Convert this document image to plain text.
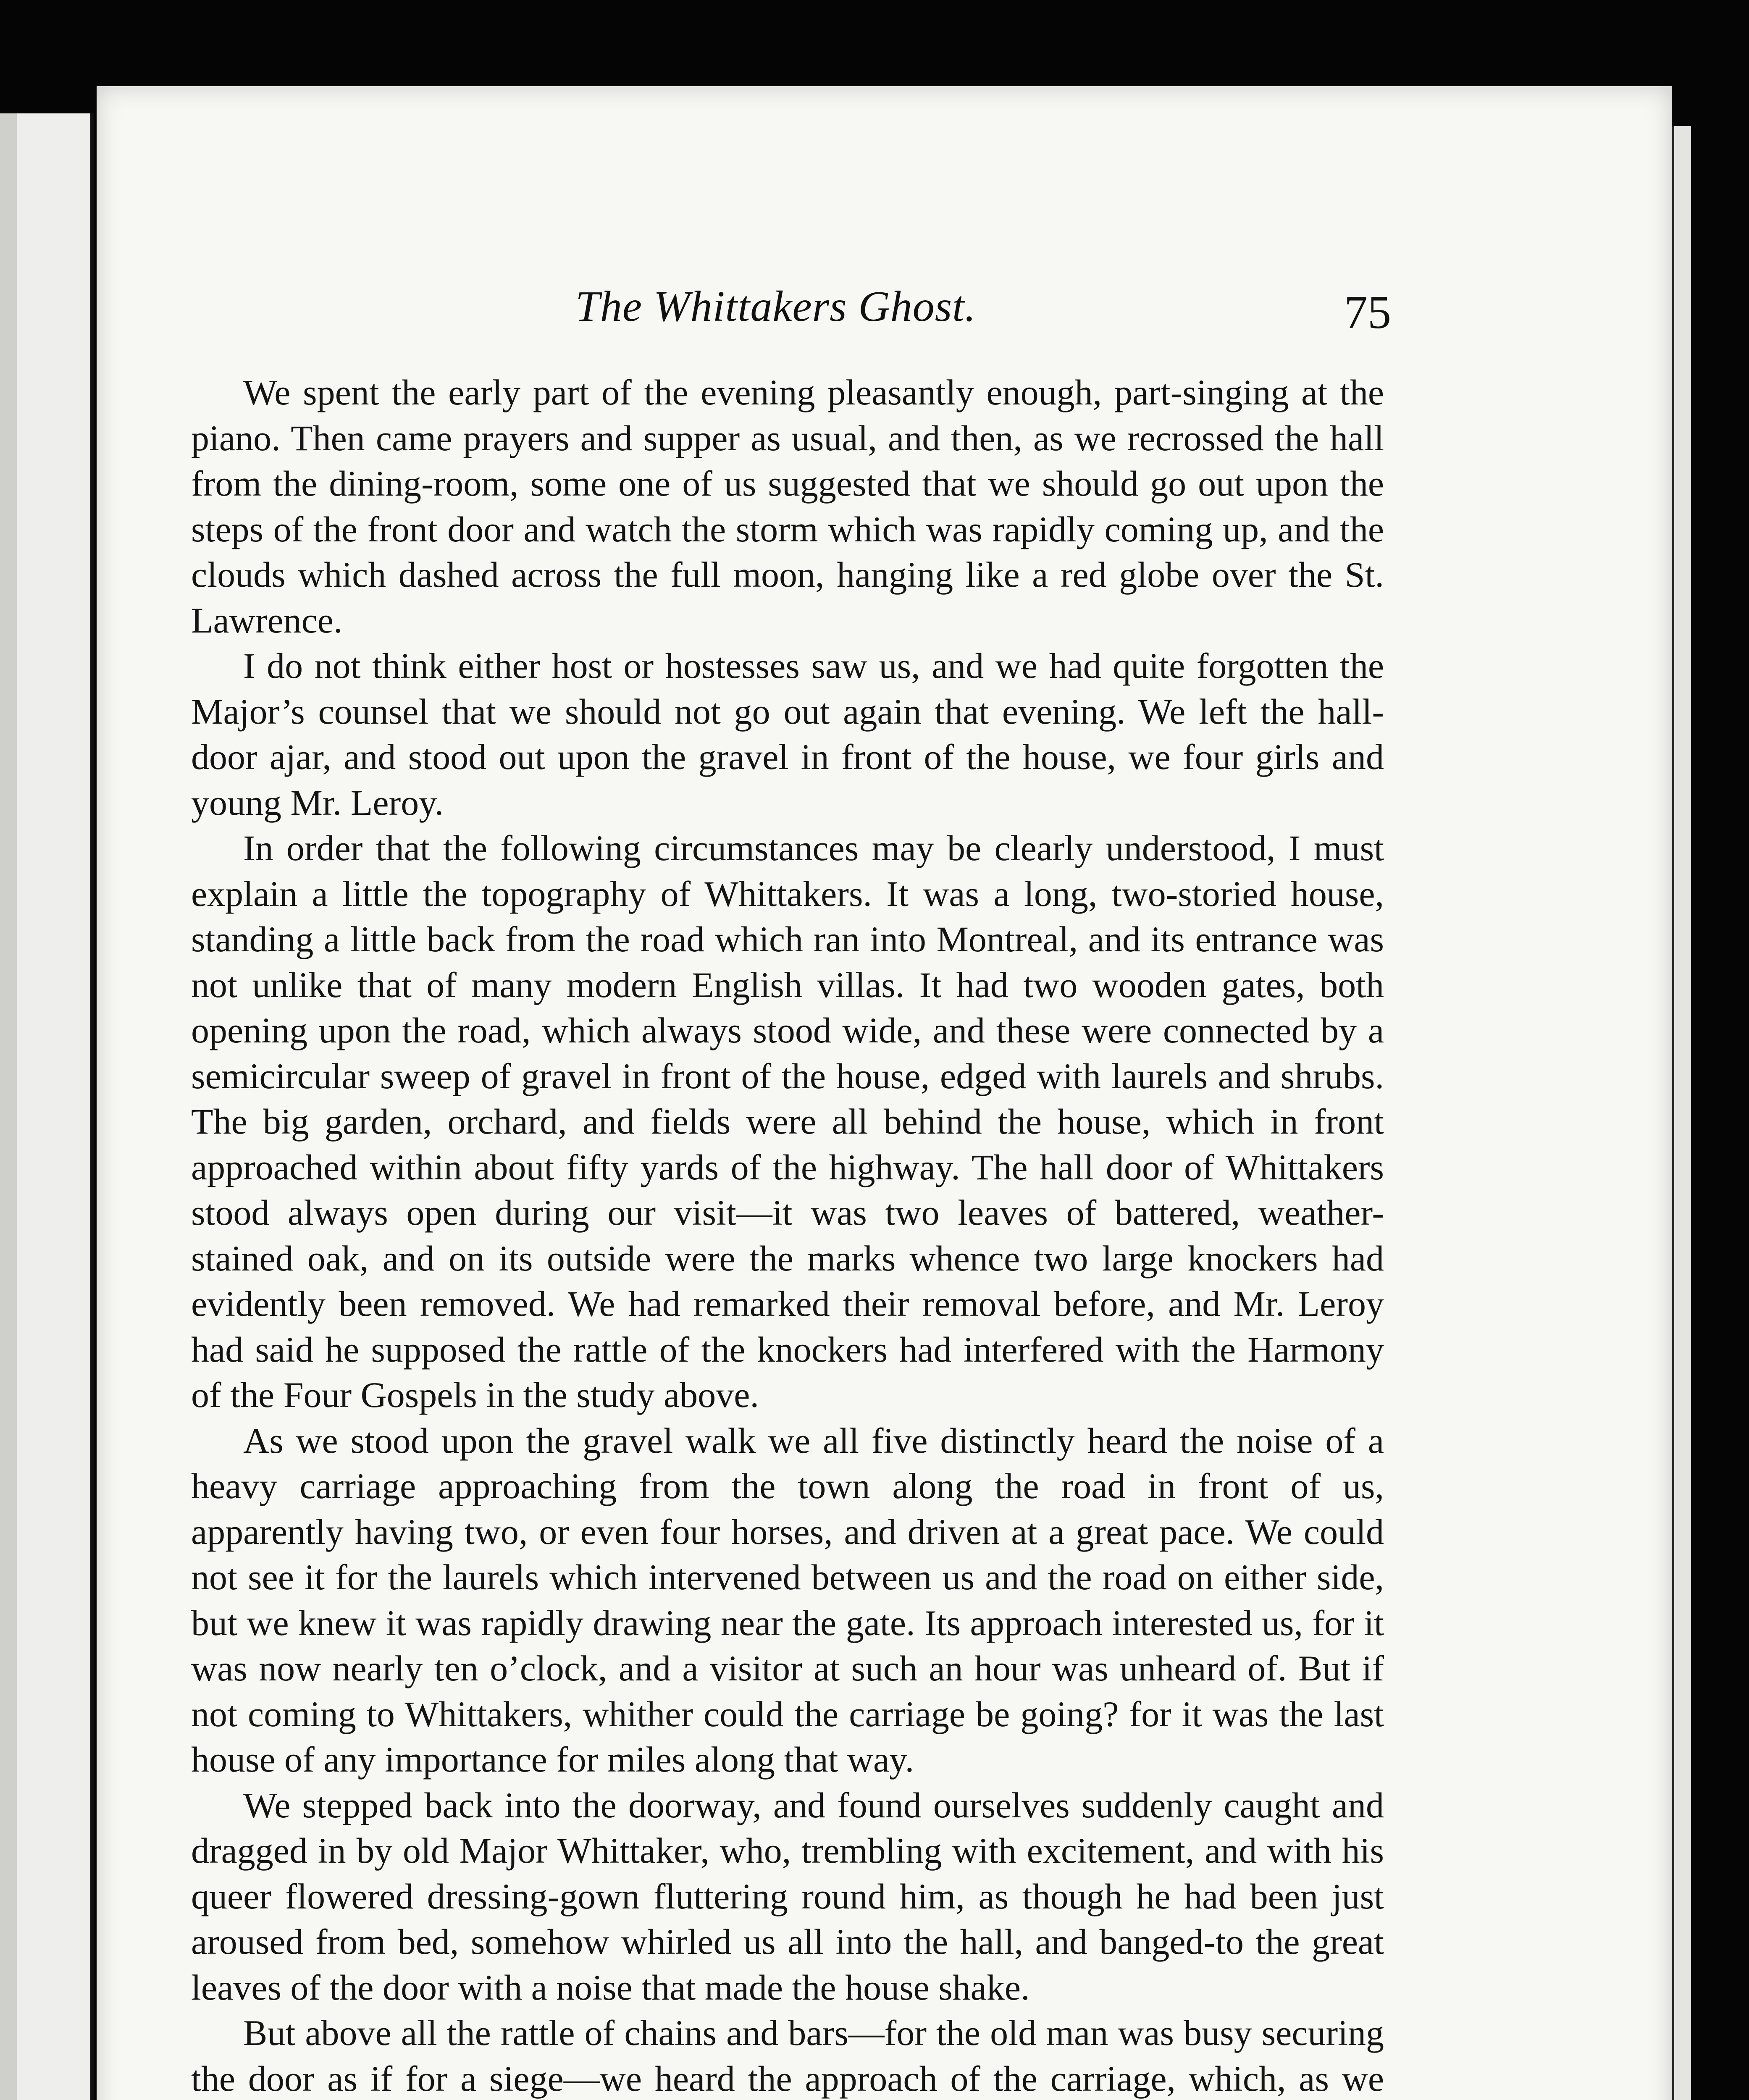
The Whittakers Ghost.	75

We spent the early part of the evening pleasantly enough, part-singing at the piano. Then came prayers and supper as usual, and then, as we recrossed the hall from the dining-room, some one of us suggested that we should go out upon the steps of the front door and watch the storm which was rapidly coming up, and the clouds which dashed across the full moon, hanging like a red globe over the St. Lawrence.

I do not think either host or hostesses saw us, and we had quite forgotten the Major’s counsel that we should not go out again that evening. We left the hall-door ajar, and stood out upon the gravel in front of the house, we four girls and young Mr. Leroy.

In order that the following circumstances may be clearly understood, I must explain a little the topography of Whittakers. It was a long, two-storied house, standing a little back from the road which ran into Montreal, and its entrance was not unlike that of many modern English villas. It had two wooden gates, both opening upon the road, which always stood wide, and these were connected by a semicircular sweep of gravel in front of the house, edged with laurels and shrubs. The big garden, orchard, and fields were all behind the house, which in front approached within about fifty yards of the highway. The hall door of Whittakers stood always open during our visit—it was two leaves of battered, weather-stained oak, and on its outside were the marks whence two large knockers had evidently been removed. We had remarked their removal before, and Mr. Leroy had said he supposed the rattle of the knockers had interfered with the Harmony of the Four Gospels in the study above.

As we stood upon the gravel walk we all five distinctly heard the noise of a heavy carriage approaching from the town along the road in front of us, apparently having two, or even four horses, and driven at a great pace. We could not see it for the laurels which intervened between us and the road on either side, but we knew it was rapidly drawing near the gate. Its approach interested us, for it was now nearly ten o’clock, and a visitor at such an hour was unheard of. But if not coming to Whittakers, whither could the carriage be going? for it was the last house of any importance for miles along that way.

We stepped back into the doorway, and found ourselves suddenly caught and dragged in by old Major Whittaker, who, trembling with excitement, and with his queer flowered dressing-gown fluttering round him, as though he had been just aroused from bed, somehow whirled us all into the hall, and banged-to the great leaves of the door with a noise that made the house shake.

But above all the rattle of chains and bars—for the old man was busy securing the door as if for a siege—we heard the approach of the carriage, which, as we
